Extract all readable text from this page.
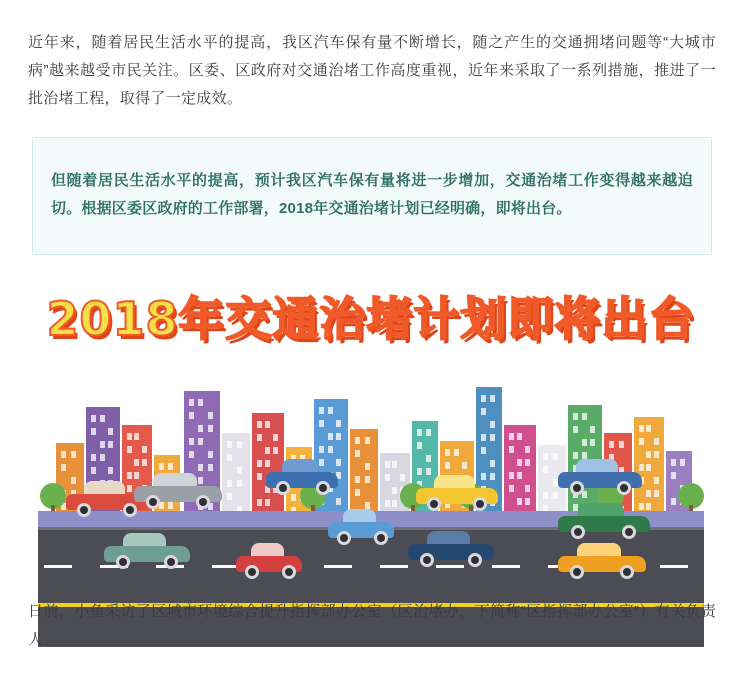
近年来，随着居民生活水平的提高，我区汽车保有量不断增长，随之产生的交通拥堵问题等“大城市病”越来越受市民关注。区委、区政府对交通治堵工作高度重视，近年来采取了一系列措施，推进了一批治堵工程，取得了一定成效。

但随着居民生活水平的提高，预计我区汽车保有量将进一步增加，交通治堵工作变得越来越迫切。根据区委区政府的工作部署，2018年交通治堵计划已经明确，即将出台。

2018年交通治堵计划即将出台

日前，小鱼采访了区城市环境综合提升指挥部办公室（区治堵办，下简称“区指挥部办公室”）有关负责人。
